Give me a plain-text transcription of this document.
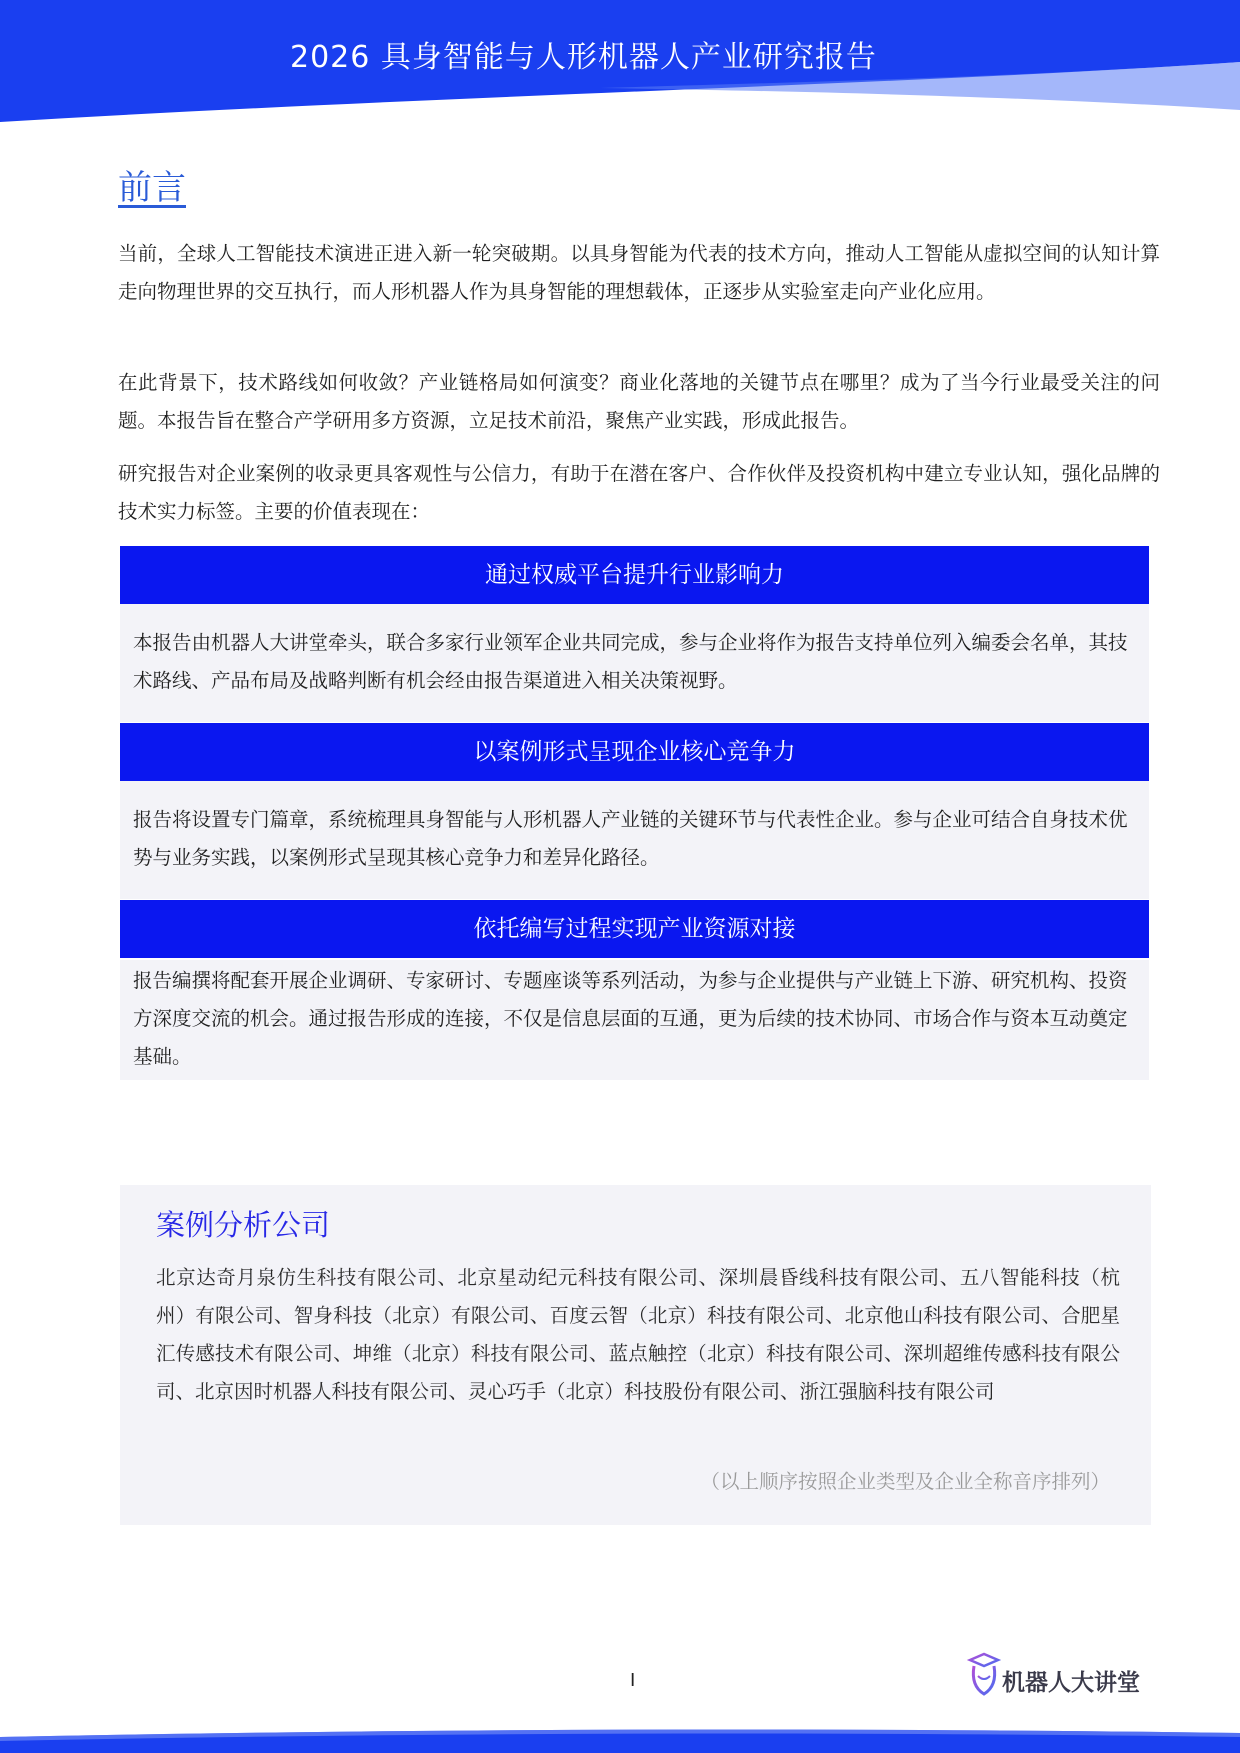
2026 具身智能与人形机器人产业研究报告
前言

当前，全球人工智能技术演进正进入新一轮突破期。以具身智能为代表的技术方向，推动人工智能从虚拟空间的认知计算走向物理世界的交互执行，而人形机器人作为具身智能的理想载体，正逐步从实验室走向产业化应用。

在此背景下，技术路线如何收敛？产业链格局如何演变？商业化落地的关键节点在哪里？成为了当今行业最受关注的问题。本报告旨在整合产学研用多方资源，立足技术前沿，聚焦产业实践，形成此报告。

研究报告对企业案例的收录更具客观性与公信力，有助于在潜在客户、合作伙伴及投资机构中建立专业认知，强化品牌的技术实力标签。主要的价值表现在：

通过权威平台提升行业影响力

本报告由机器人大讲堂牵头，联合多家行业领军企业共同完成，参与企业将作为报告支持单位列入编委会名单，其技术路线、产品布局及战略判断有机会经由报告渠道进入相关决策视野。

以案例形式呈现企业核心竞争力

报告将设置专门篇章，系统梳理具身智能与人形机器人产业链的关键环节与代表性企业。参与企业可结合自身技术优势与业务实践，以案例形式呈现其核心竞争力和差异化路径。

依托编写过程实现产业资源对接

报告编撰将配套开展企业调研、专家研讨、专题座谈等系列活动，为参与企业提供与产业链上下游、研究机构、投资方深度交流的机会。通过报告形成的连接，不仅是信息层面的互通，更为后续的技术协同、市场合作与资本互动奠定基础。

案例分析公司

北京达奇月泉仿生科技有限公司、北京星动纪元科技有限公司、深圳晨昏线科技有限公司、五八智能科技（杭州）有限公司、智身科技（北京）有限公司、百度云智（北京）科技有限公司、北京他山科技有限公司、合肥星汇传感技术有限公司、坤维（北京）科技有限公司、蓝点触控（北京）科技有限公司、深圳超维传感科技有限公司、北京因时机器人科技有限公司、灵心巧手（北京）科技股份有限公司、浙江强脑科技有限公司

（以上顺序按照企业类型及企业全称音序排列）

I	机器人大讲堂
